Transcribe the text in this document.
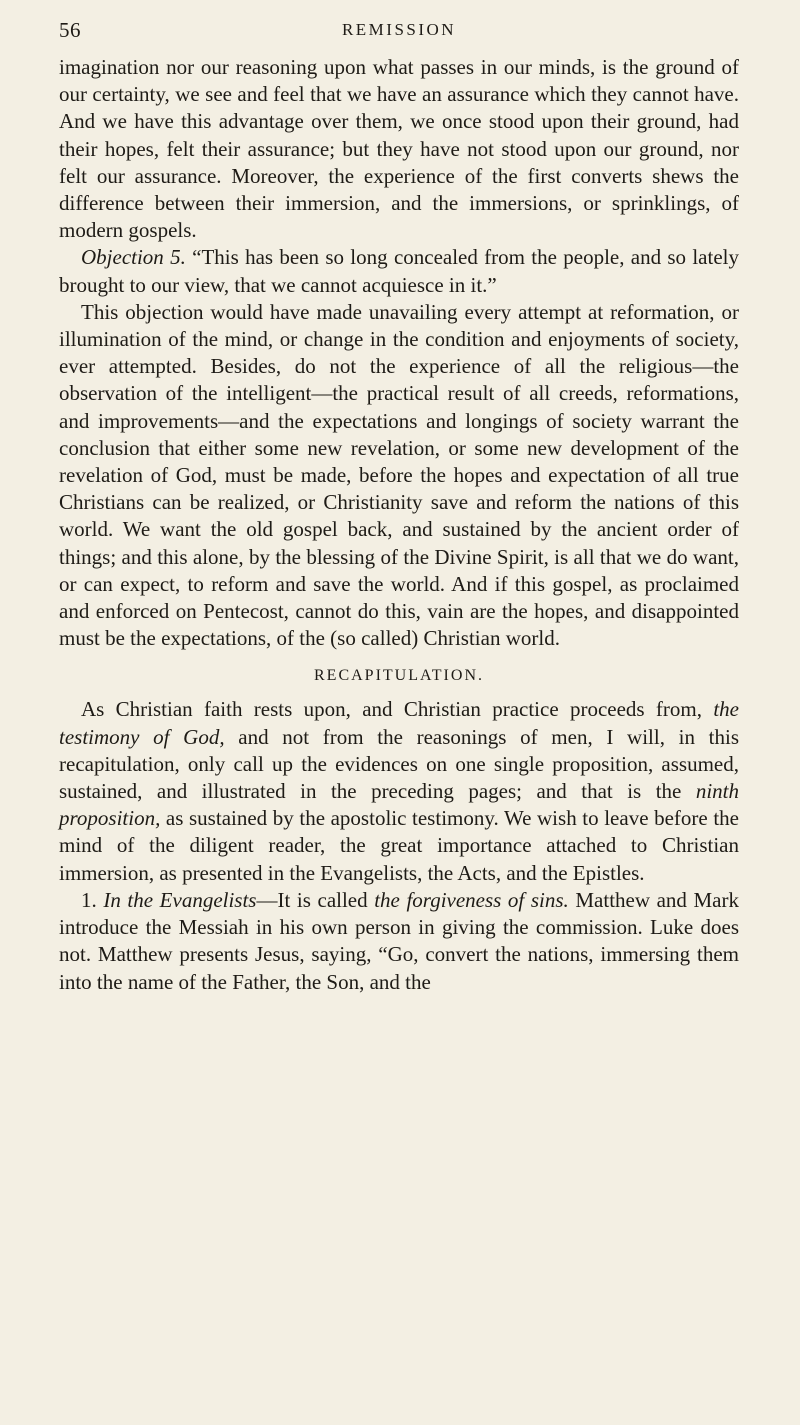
56	REMISSION

imagination nor our reasoning upon what passes in our minds, is the ground of our certainty, we see and feel that we have an assurance which they cannot have. And we have this advantage over them, we once stood upon their ground, had their hopes, felt their assurance; but they have not stood upon our ground, nor felt our assurance. Moreover, the experience of the first converts shews the difference between their immersion, and the immersions, or sprinklings, of modern gospels.

Objection 5. “This has been so long concealed from the people, and so lately brought to our view, that we cannot acquiesce in it.”

This objection would have made unavailing every attempt at reformation, or illumination of the mind, or change in the condition and enjoyments of society, ever attempted. Besides, do not the experience of all the religious—the observation of the intelligent—the practical result of all creeds, reformations, and improvements—and the expectations and longings of society warrant the conclusion that either some new revelation, or some new development of the revelation of God, must be made, before the hopes and expectation of all true Christians can be realized, or Christianity save and reform the nations of this world. We want the old gospel back, and sustained by the ancient order of things; and this alone, by the blessing of the Divine Spirit, is all that we do want, or can expect, to reform and save the world. And if this gospel, as proclaimed and enforced on Pentecost, cannot do this, vain are the hopes, and disappointed must be the expectations, of the (so called) Christian world.

RECAPITULATION.

As Christian faith rests upon, and Christian practice proceeds from, the testimony of God, and not from the reasonings of men, I will, in this recapitulation, only call up the evidences on one single proposition, assumed, sustained, and illustrated in the preceding pages; and that is the ninth proposition, as sustained by the apostolic testimony. We wish to leave before the mind of the diligent reader, the great importance attached to Christian immersion, as presented in the Evangelists, the Acts, and the Epistles.

1. In the Evangelists—It is called the forgiveness of sins. Matthew and Mark introduce the Messiah in his own person in giving the commission. Luke does not. Matthew presents Jesus, saying, “Go, convert the nations, immersing them into the name of the Father, the Son, and the
